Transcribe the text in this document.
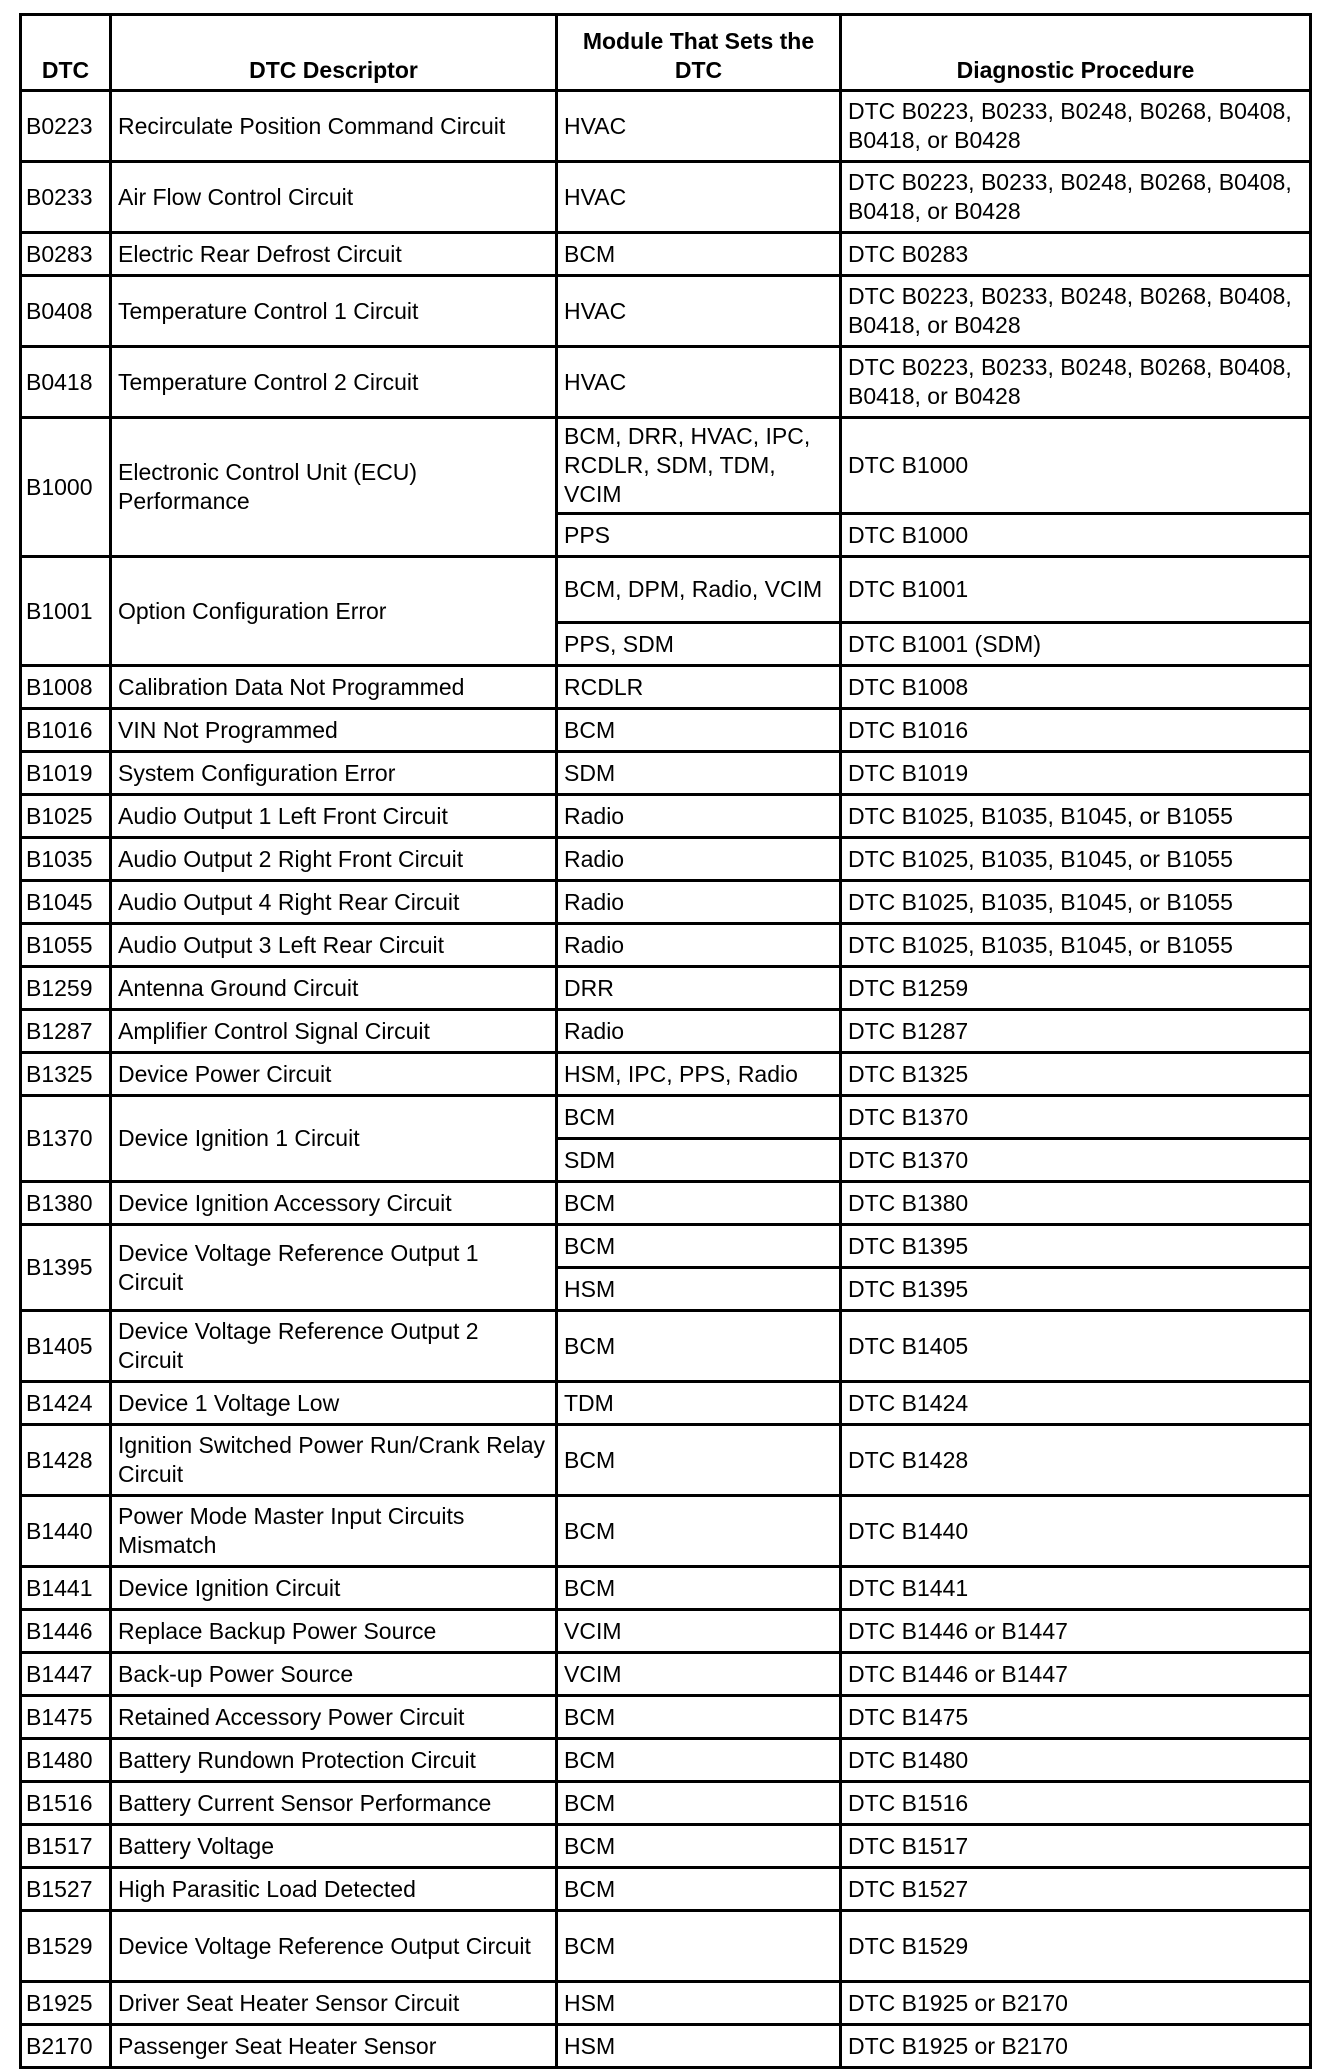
DTC	DTC Descriptor	Module That Sets the DTC	Diagnostic Procedure
B0223	Recirculate Position Command Circuit	HVAC	DTC B0223, B0233, B0248, B0268, B0408, B0418, or B0428
B0233	Air Flow Control Circuit	HVAC	DTC B0223, B0233, B0248, B0268, B0408, B0418, or B0428
B0283	Electric Rear Defrost Circuit	BCM	DTC B0283
B0408	Temperature Control 1 Circuit	HVAC	DTC B0223, B0233, B0248, B0268, B0408, B0418, or B0428
B0418	Temperature Control 2 Circuit	HVAC	DTC B0223, B0233, B0248, B0268, B0408, B0418, or B0428
B1000	Electronic Control Unit (ECU) Performance	BCM, DRR, HVAC, IPC, RCDLR, SDM, TDM, VCIM	DTC B1000
		PPS	DTC B1000
B1001	Option Configuration Error	BCM, DPM, Radio, VCIM	DTC B1001
		PPS, SDM	DTC B1001 (SDM)
B1008	Calibration Data Not Programmed	RCDLR	DTC B1008
B1016	VIN Not Programmed	BCM	DTC B1016
B1019	System Configuration Error	SDM	DTC B1019
B1025	Audio Output 1 Left Front Circuit	Radio	DTC B1025, B1035, B1045, or B1055
B1035	Audio Output 2 Right Front Circuit	Radio	DTC B1025, B1035, B1045, or B1055
B1045	Audio Output 4 Right Rear Circuit	Radio	DTC B1025, B1035, B1045, or B1055
B1055	Audio Output 3 Left Rear Circuit	Radio	DTC B1025, B1035, B1045, or B1055
B1259	Antenna Ground Circuit	DRR	DTC B1259
B1287	Amplifier Control Signal Circuit	Radio	DTC B1287
B1325	Device Power Circuit	HSM, IPC, PPS, Radio	DTC B1325
B1370	Device Ignition 1 Circuit	BCM	DTC B1370
		SDM	DTC B1370
B1380	Device Ignition Accessory Circuit	BCM	DTC B1380
B1395	Device Voltage Reference Output 1 Circuit	BCM	DTC B1395
		HSM	DTC B1395
B1405	Device Voltage Reference Output 2 Circuit	BCM	DTC B1405
B1424	Device 1 Voltage Low	TDM	DTC B1424
B1428	Ignition Switched Power Run/Crank Relay Circuit	BCM	DTC B1428
B1440	Power Mode Master Input Circuits Mismatch	BCM	DTC B1440
B1441	Device Ignition Circuit	BCM	DTC B1441
B1446	Replace Backup Power Source	VCIM	DTC B1446 or B1447
B1447	Back-up Power Source	VCIM	DTC B1446 or B1447
B1475	Retained Accessory Power Circuit	BCM	DTC B1475
B1480	Battery Rundown Protection Circuit	BCM	DTC B1480
B1516	Battery Current Sensor Performance	BCM	DTC B1516
B1517	Battery Voltage	BCM	DTC B1517
B1527	High Parasitic Load Detected	BCM	DTC B1527
B1529	Device Voltage Reference Output Circuit	BCM	DTC B1529
B1925	Driver Seat Heater Sensor Circuit	HSM	DTC B1925 or B2170
B2170	Passenger Seat Heater Sensor	HSM	DTC B1925 or B2170
